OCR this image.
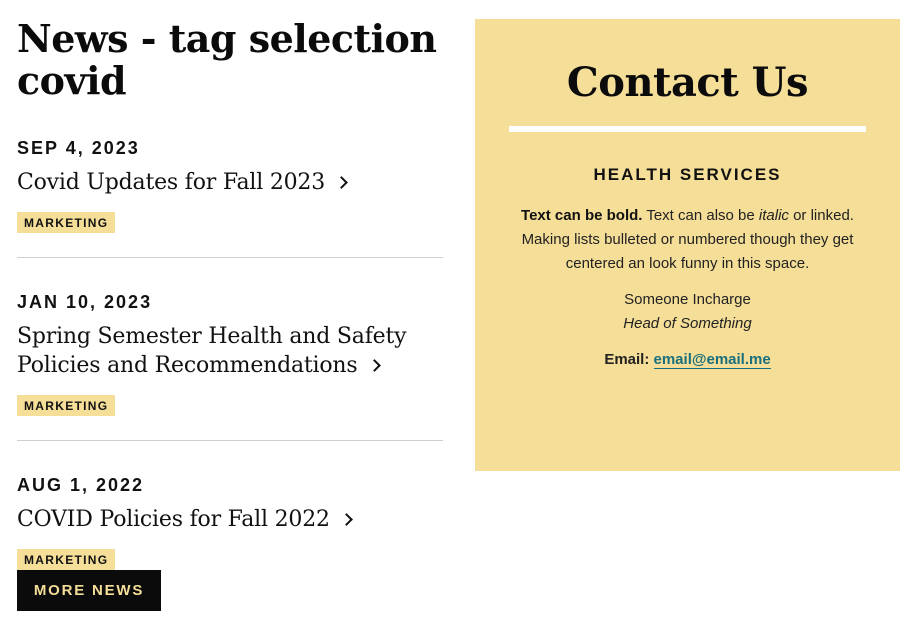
News - tag selection covid
SEP 4, 2023
Covid Updates for Fall 2023
MARKETING
JAN 10, 2023
Spring Semester Health and Safety Policies and Recommendations
MARKETING
AUG 1, 2022
COVID Policies for Fall 2022
MARKETING
MORE NEWS
Contact Us
HEALTH SERVICES

Text can be bold. Text can also be italic or linked. Making lists bulleted or numbered though they get centered an look funny in this space.

Someone Incharge
Head of Something
Email: email@email.me
